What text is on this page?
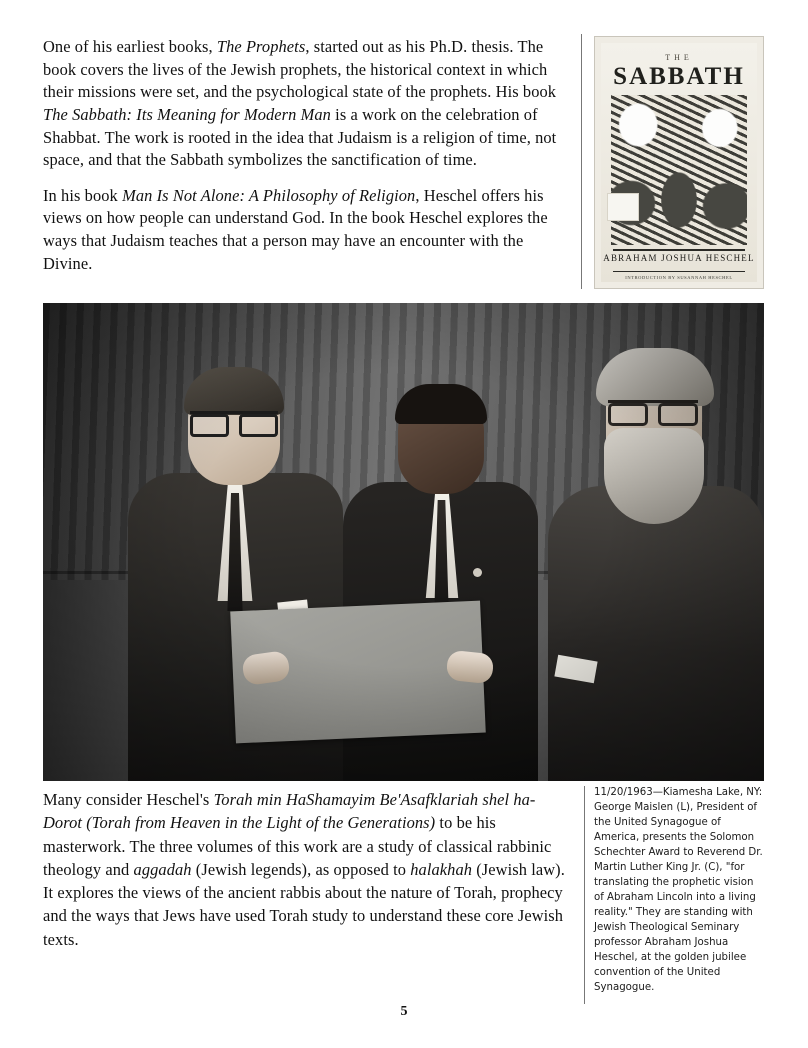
One of his earliest books, The Prophets, started out as his Ph.D. thesis. The book covers the lives of the Jewish prophets, the historical context in which their missions were set, and the psychological state of the prophets. His book The Sabbath: Its Meaning for Modern Man is a work on the celebration of Shabbat. The work is rooted in the idea that Judaism is a religion of time, not space, and that the Sabbath symbolizes the sanctification of time.

In his book Man Is Not Alone: A Philosophy of Religion, Heschel offers his views on how people can understand God. In the book Heschel explores the ways that Judaism teaches that a person may have an encounter with the Divine.

THE
SABBATH
ABRAHAM JOSHUA HESCHEL
INTRODUCTION BY SUSANNAH HESCHEL

Many consider Heschel's Torah min HaShamayim Be'Asafklariah shel ha-Dorot (Torah from Heaven in the Light of the Generations) to be his masterwork. The three volumes of this work are a study of classical rabbinic theology and aggadah (Jewish legends), as opposed to halakhah (Jewish law). It explores the views of the ancient rabbis about the nature of Torah, prophecy and the ways that Jews have used Torah study to understand these core Jewish texts.

11/20/1963—Kiamesha Lake, NY: George Maislen (L), President of the United Synagogue of America, presents the Solomon Schechter Award to Reverend Dr. Martin Luther King Jr. (C), "for translating the prophetic vision of Abraham Lincoln into a living reality." They are standing with Jewish Theological Seminary professor Abraham Joshua Heschel, at the golden jubilee convention of the United Synagogue.
5
